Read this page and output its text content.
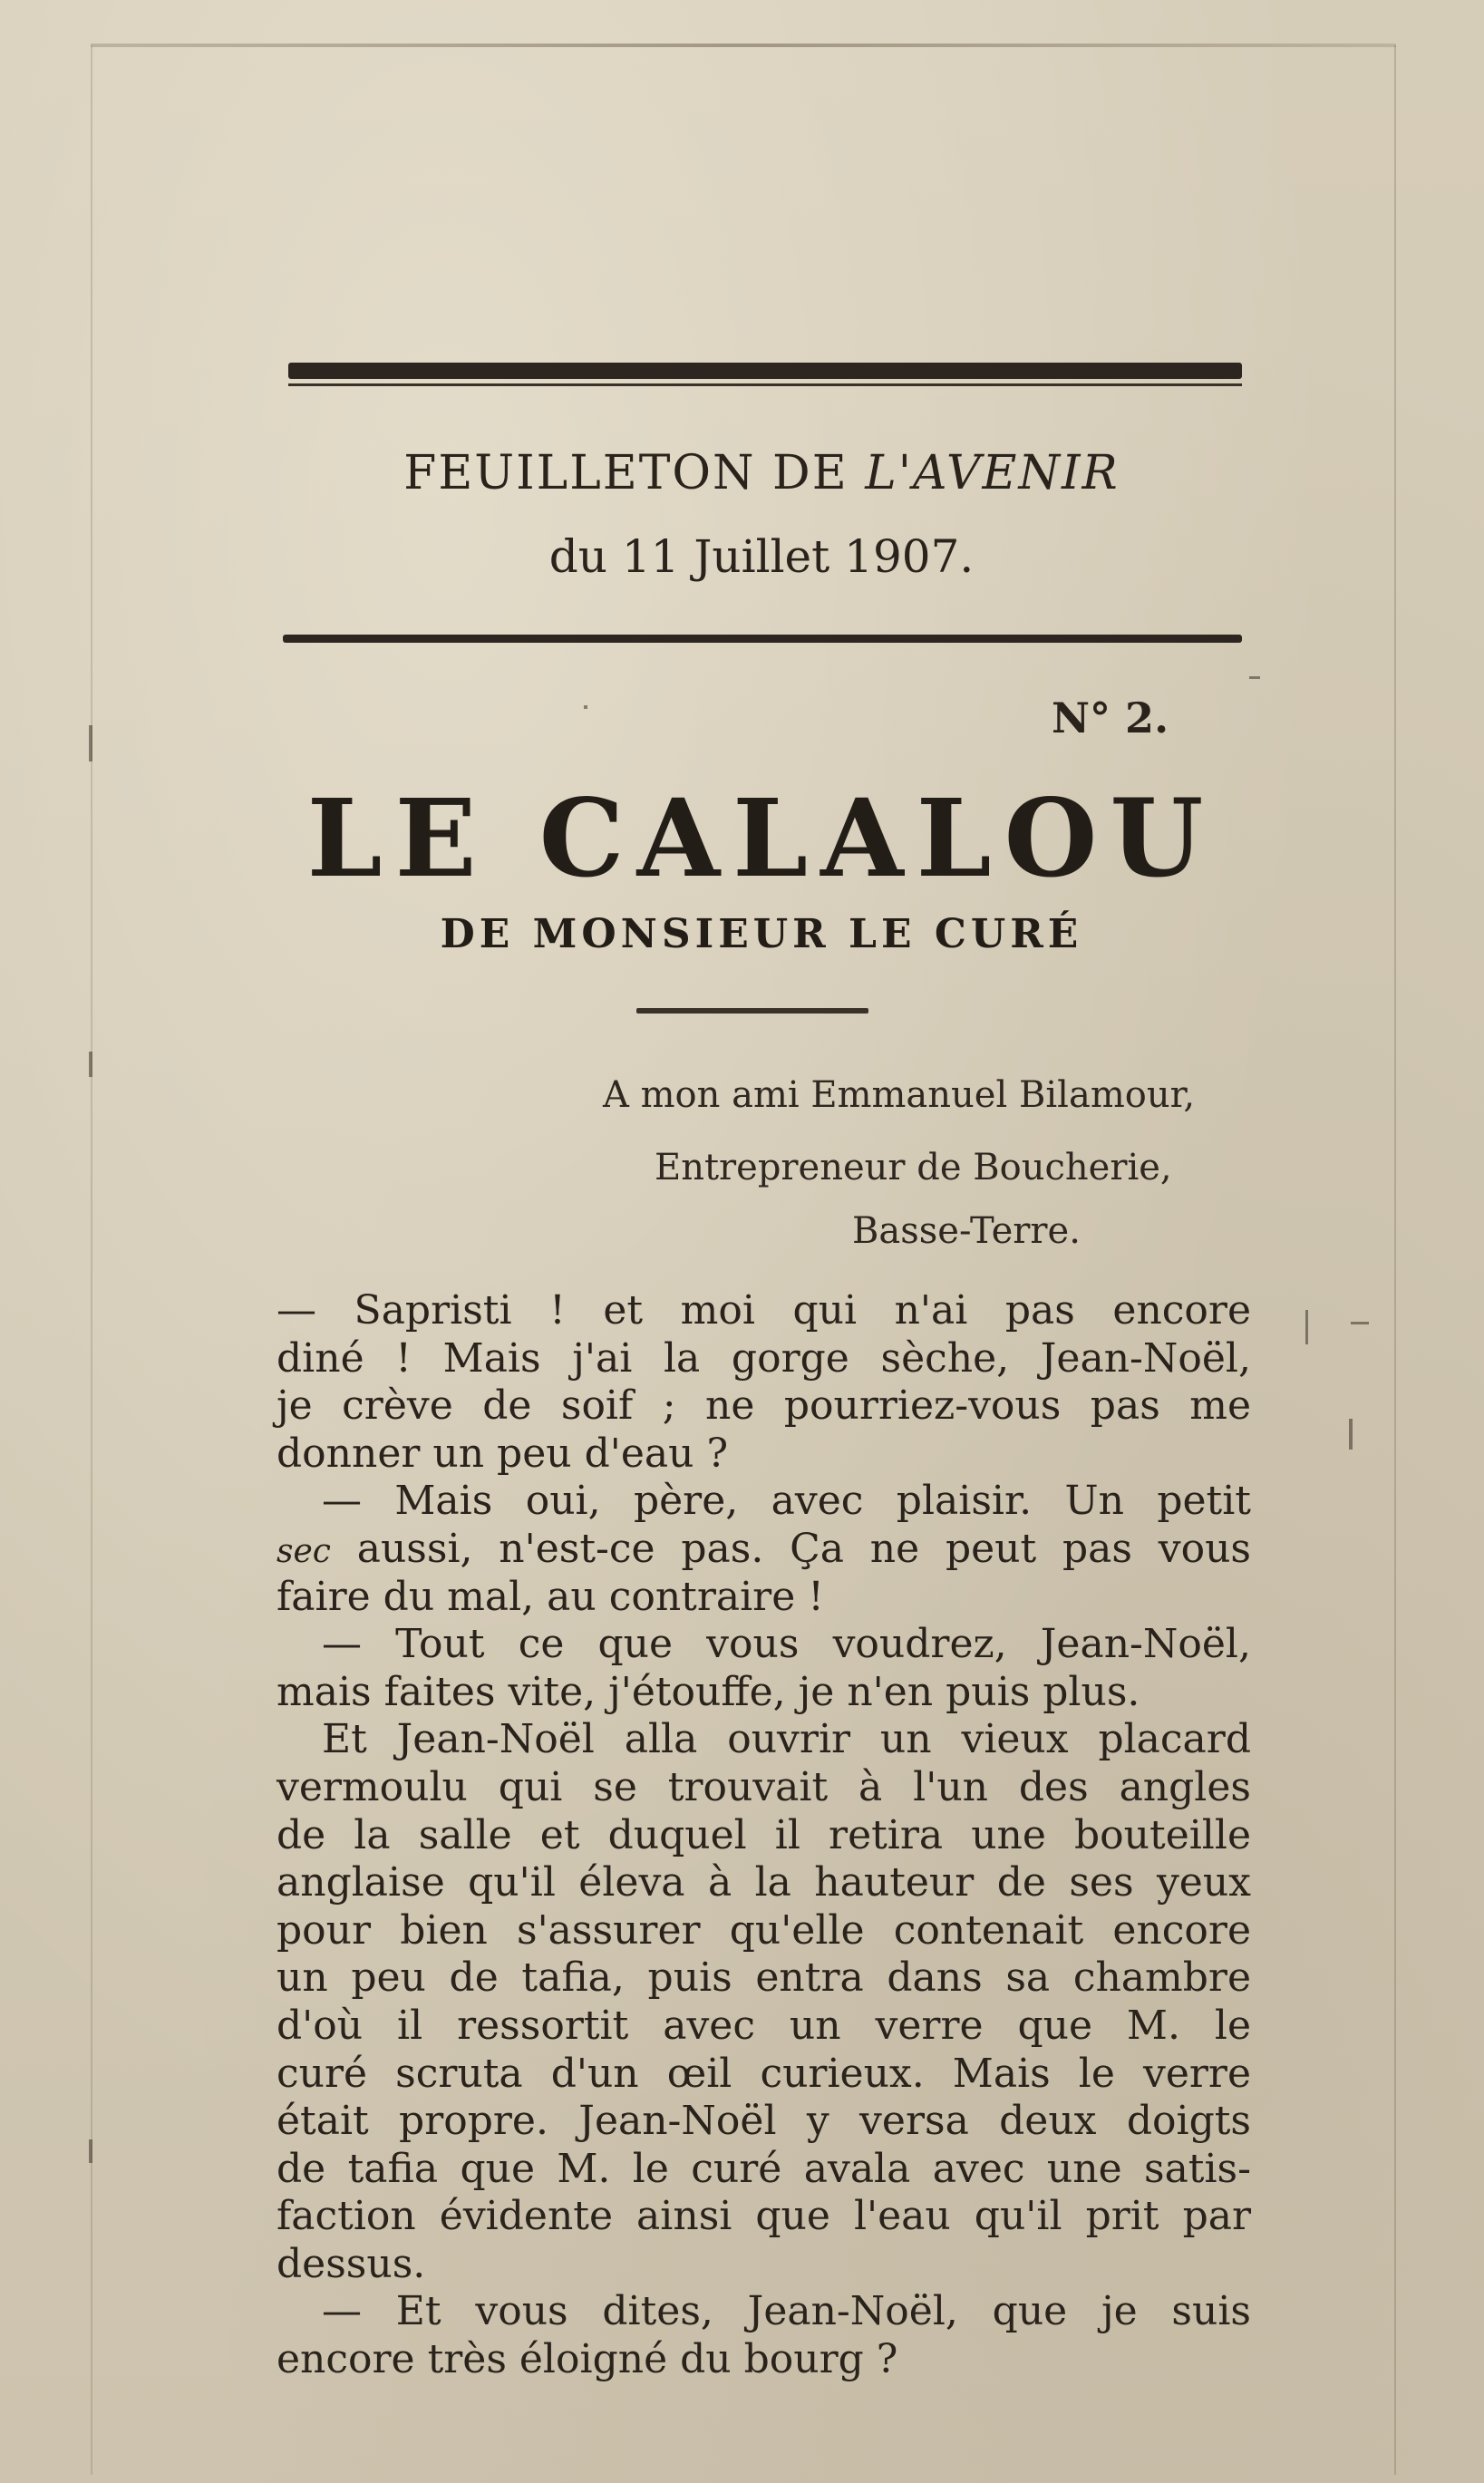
FEUILLETON DE L'AVENIR
du 11 Juillet 1907.
N° 2.
LE CALALOU
DE MONSIEUR LE CURÉ
A mon ami Emmanuel Bilamour,
Entrepreneur de Boucherie,
Basse-Terre.
— Sapristi ! et moi qui n'ai pas encore
diné ! Mais j'ai la gorge sèche, Jean-Noël,
je crève de soif ; ne pourriez-vous pas me
donner un peu d'eau ?
— Mais oui, père, avec plaisir. Un petit
sec aussi, n'est-ce pas. Ça ne peut pas vous
faire du mal, au contraire !
— Tout ce que vous voudrez, Jean-Noël,
mais faites vite, j'étouffe, je n'en puis plus.
Et Jean-Noël alla ouvrir un vieux placard
vermoulu qui se trouvait à l'un des angles
de la salle et duquel il retira une bouteille
anglaise qu'il éleva à la hauteur de ses yeux
pour bien s'assurer qu'elle contenait encore
un peu de tafia, puis entra dans sa chambre
d'où il ressortit avec un verre que M. le
curé scruta d'un œil curieux. Mais le verre
était propre. Jean-Noël y versa deux doigts
de tafia que M. le curé avala avec une satis-
faction évidente ainsi que l'eau qu'il prit par
dessus.
— Et vous dites, Jean-Noël, que je suis
encore très éloigné du bourg ?
